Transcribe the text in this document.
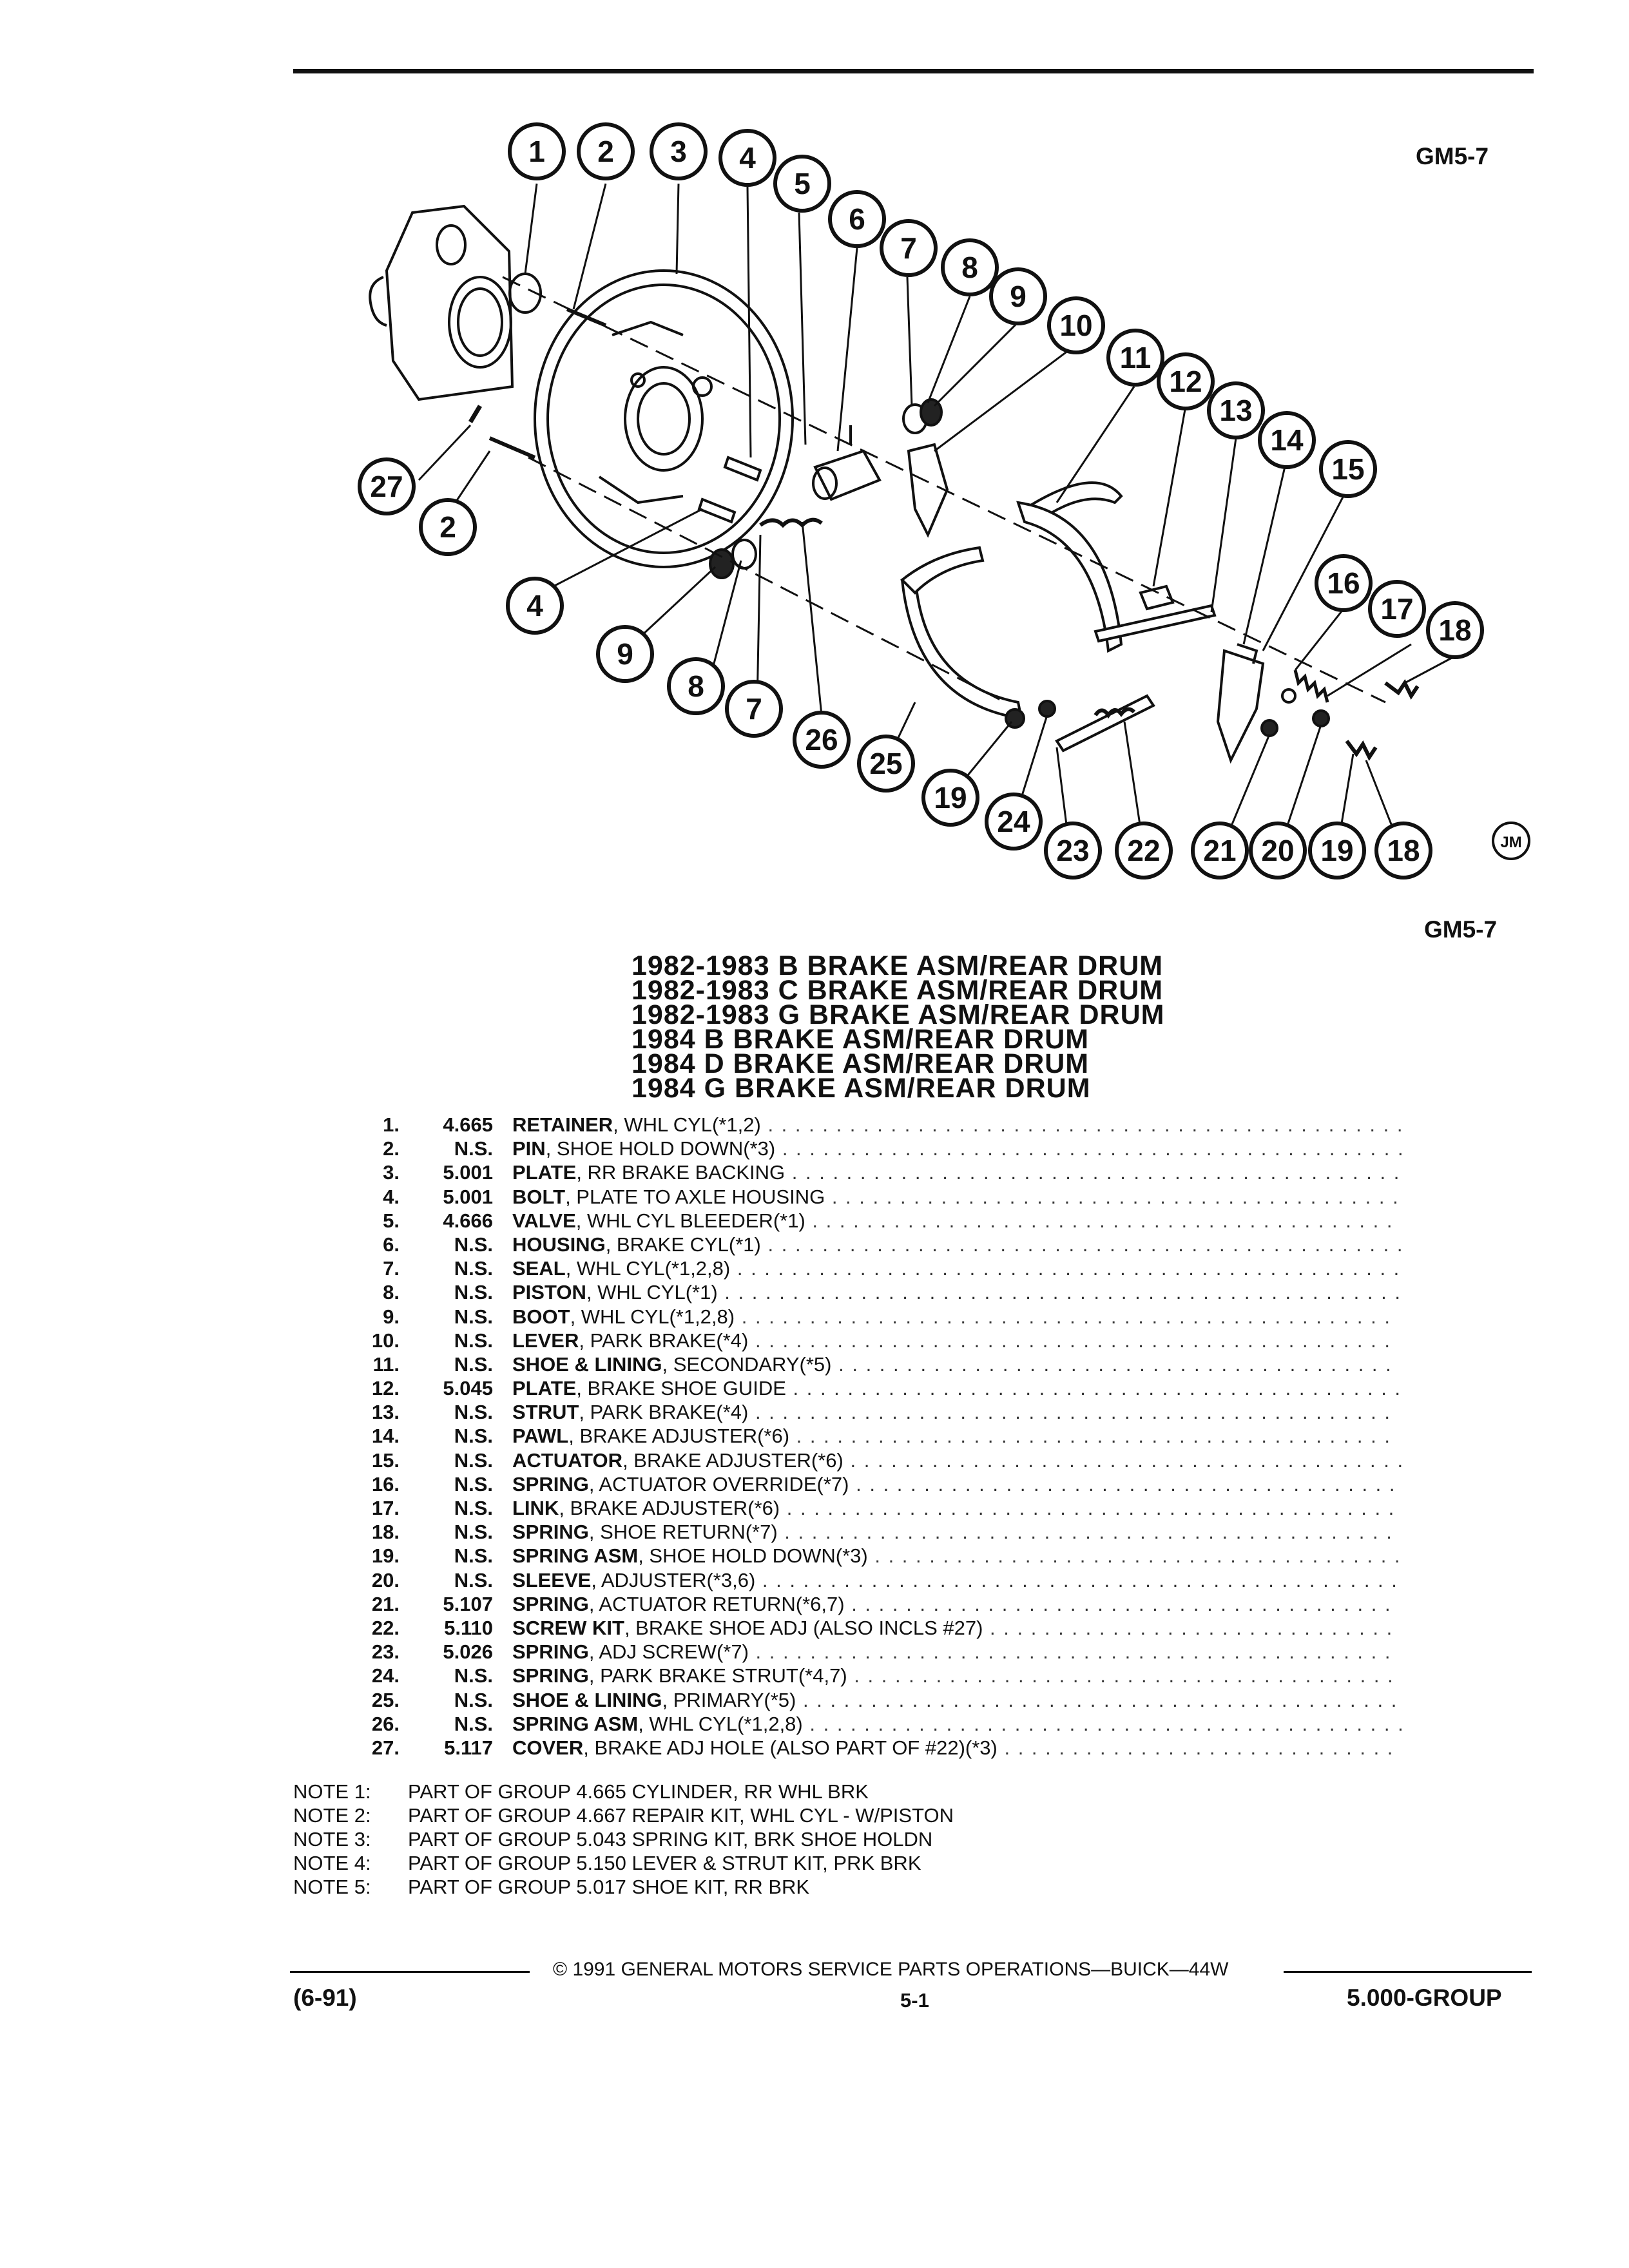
GM5-7
1 2 3 4
5
6
7
8
9
10
11
12
13
14
15
16
17
18
27
2
4
9
8
7
26
25
19
24
23 22 21 20 19 18	JM
GM5-7
1982-1983 B BRAKE ASM/REAR DRUM
1982-1983 C BRAKE ASM/REAR DRUM
1982-1983 G BRAKE ASM/REAR DRUM
1984 B BRAKE ASM/REAR DRUM
1984 D BRAKE ASM/REAR DRUM
1984 G BRAKE ASM/REAR DRUM
1.	4.665 RETAINER, WHL CYL(*1,2) . . . . . . . . . . . . . . . . . . . . . . . . . . . . . . . . . . . . . . . . . . . . . . .
2.	N.S. PIN, SHOE HOLD DOWN(*3) . . . . . . . . . . . . . . . . . . . . . . . . . . . . . . . . . . . . . . . . . . . . . .
3.	5.001 PLATE, RR BRAKE BACKING . . . . . . . . . . . . . . . . . . . . . . . . . . . . . . . . . . . . . . . . . . . . .
4.	5.001 BOLT, PLATE TO AXLE HOUSING . . . . . . . . . . . . . . . . . . . . . . . . . . . . . . . . . . . . . . . . . .
5.	4.666 VALVE, WHL CYL BLEEDER(*1) . . . . . . . . . . . . . . . . . . . . . . . . . . . . . . . . . . . . . . . . . . .
6.	N.S. HOUSING, BRAKE CYL(*1) . . . . . . . . . . . . . . . . . . . . . . . . . . . . . . . . . . . . . . . . . . . . . . .
7.	N.S. SEAL, WHL CYL(*1,2,8) . . . . . . . . . . . . . . . . . . . . . . . . . . . . . . . . . . . . . . . . . . . . . . . . .
8.	N.S. PISTON, WHL CYL(*1) . . . . . . . . . . . . . . . . . . . . . . . . . . . . . . . . . . . . . . . . . . . . . . . . . .
9.	N.S. BOOT, WHL CYL(*1,2,8) . . . . . . . . . . . . . . . . . . . . . . . . . . . . . . . . . . . . . . . . . . . . . . . .
10.	N.S. LEVER, PARK BRAKE(*4) . . . . . . . . . . . . . . . . . . . . . . . . . . . . . . . . . . . . . . . . . . . . . . .
11.	N.S. SHOE & LINING, SECONDARY(*5) . . . . . . . . . . . . . . . . . . . . . . . . . . . . . . . . . . . . . . . . .
12.	5.045 PLATE, BRAKE SHOE GUIDE . . . . . . . . . . . . . . . . . . . . . . . . . . . . . . . . . . . . . . . . . . . . .
13.	N.S. STRUT, PARK BRAKE(*4) . . . . . . . . . . . . . . . . . . . . . . . . . . . . . . . . . . . . . . . . . . . . . . .
14.	N.S. PAWL, BRAKE ADJUSTER(*6) . . . . . . . . . . . . . . . . . . . . . . . . . . . . . . . . . . . . . . . . . . . .
15.	N.S. ACTUATOR, BRAKE ADJUSTER(*6) . . . . . . . . . . . . . . . . . . . . . . . . . . . . . . . . . . . . . . . . .
16.	N.S. SPRING, ACTUATOR OVERRIDE(*7) . . . . . . . . . . . . . . . . . . . . . . . . . . . . . . . . . . . . . . . .
17.	N.S. LINK, BRAKE ADJUSTER(*6) . . . . . . . . . . . . . . . . . . . . . . . . . . . . . . . . . . . . . . . . . . . . .
18.	N.S. SPRING, SHOE RETURN(*7) . . . . . . . . . . . . . . . . . . . . . . . . . . . . . . . . . . . . . . . . . . . . .
19.	N.S. SPRING ASM, SHOE HOLD DOWN(*3) . . . . . . . . . . . . . . . . . . . . . . . . . . . . . . . . . . . . . . .
20.	N.S. SLEEVE, ADJUSTER(*3,6) . . . . . . . . . . . . . . . . . . . . . . . . . . . . . . . . . . . . . . . . . . . . . . .
21.	5.107 SPRING, ACTUATOR RETURN(*6,7) . . . . . . . . . . . . . . . . . . . . . . . . . . . . . . . . . . . . . . . .
22.	5.110 SCREW KIT, BRAKE SHOE ADJ (ALSO INCLS #27) . . . . . . . . . . . . . . . . . . . . . . . . . . . . . .
23.	5.026 SPRING, ADJ SCREW(*7) . . . . . . . . . . . . . . . . . . . . . . . . . . . . . . . . . . . . . . . . . . . . . . .
24.	N.S. SPRING, PARK BRAKE STRUT(*4,7) . . . . . . . . . . . . . . . . . . . . . . . . . . . . . . . . . . . . . . . .
25.	N.S. SHOE & LINING, PRIMARY(*5) . . . . . . . . . . . . . . . . . . . . . . . . . . . . . . . . . . . . . . . . . . . .
26.	N.S. SPRING ASM, WHL CYL(*1,2,8) . . . . . . . . . . . . . . . . . . . . . . . . . . . . . . . . . . . . . . . . . . . .
27.	5.117 COVER, BRAKE ADJ HOLE (ALSO PART OF #22)(*3) . . . . . . . . . . . . . . . . . . . . . . . . . . . . .
NOTE 1: PART OF GROUP 4.665 CYLINDER, RR WHL BRK
NOTE 2: PART OF GROUP 4.667 REPAIR KIT, WHL CYL - W/PISTON
NOTE 3: PART OF GROUP 5.043 SPRING KIT, BRK SHOE HOLDN
NOTE 4: PART OF GROUP 5.150 LEVER & STRUT KIT, PRK BRK
NOTE 5: PART OF GROUP 5.017 SHOE KIT, RR BRK
© 1991 GENERAL MOTORS SERVICE PARTS OPERATIONS—BUICK—44W
(6-91)	5-1	5.000-GROUP
